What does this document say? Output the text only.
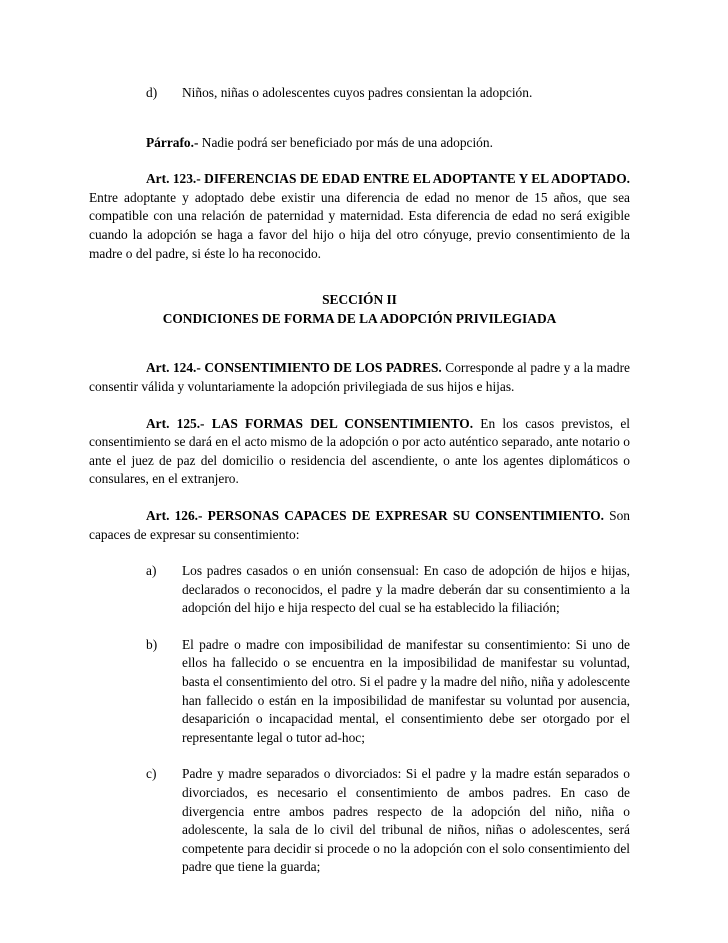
d)	Niños, niñas o adolescentes cuyos padres consientan la adopción.

Párrafo.- Nadie podrá ser beneficiado por más de una adopción.

Art. 123.- DIFERENCIAS DE EDAD ENTRE EL ADOPTANTE Y EL ADOPTADO. Entre adoptante y adoptado debe existir una diferencia de edad no menor de 15 años, que sea compatible con una relación de paternidad y maternidad. Esta diferencia de edad no será exigible cuando la adopción se haga a favor del hijo o hija del otro cónyuge, previo consentimiento de la madre o del padre, si éste lo ha reconocido.

SECCIÓN II
CONDICIONES DE FORMA DE LA ADOPCIÓN PRIVILEGIADA

Art. 124.- CONSENTIMIENTO DE LOS PADRES. Corresponde al padre y a la madre consentir válida y voluntariamente la adopción privilegiada de sus hijos e hijas.

Art. 125.- LAS FORMAS DEL CONSENTIMIENTO. En los casos previstos, el consentimiento se dará en el acto mismo de la adopción o por acto auténtico separado, ante notario o ante el juez de paz del domicilio o residencia del ascendiente, o ante los agentes diplomáticos o consulares, en el extranjero.

Art. 126.- PERSONAS CAPACES DE EXPRESAR SU CONSENTIMIENTO. Son capaces de expresar su consentimiento:

a)	Los padres casados o en unión consensual: En caso de adopción de hijos e hijas, declarados o reconocidos, el padre y la madre deberán dar su consentimiento a la adopción del hijo e hija respecto del cual se ha establecido la filiación;
b)	El padre o madre con imposibilidad de manifestar su consentimiento: Si uno de ellos ha fallecido o se encuentra en la imposibilidad de manifestar su voluntad, basta el consentimiento del otro. Si el padre y la madre del niño, niña y adolescente han fallecido o están en la imposibilidad de manifestar su voluntad por ausencia, desaparición o incapacidad mental, el consentimiento debe ser otorgado por el representante legal o tutor ad-hoc;
c)	Padre y madre separados o divorciados: Si el padre y la madre están separados o divorciados, es necesario el consentimiento de ambos padres. En caso de divergencia entre ambos padres respecto de la adopción del niño, niña o adolescente, la sala de lo civil del tribunal de niños, niñas o adolescentes, será competente para decidir si procede o no la adopción con el solo consentimiento del padre que tiene la guarda;
